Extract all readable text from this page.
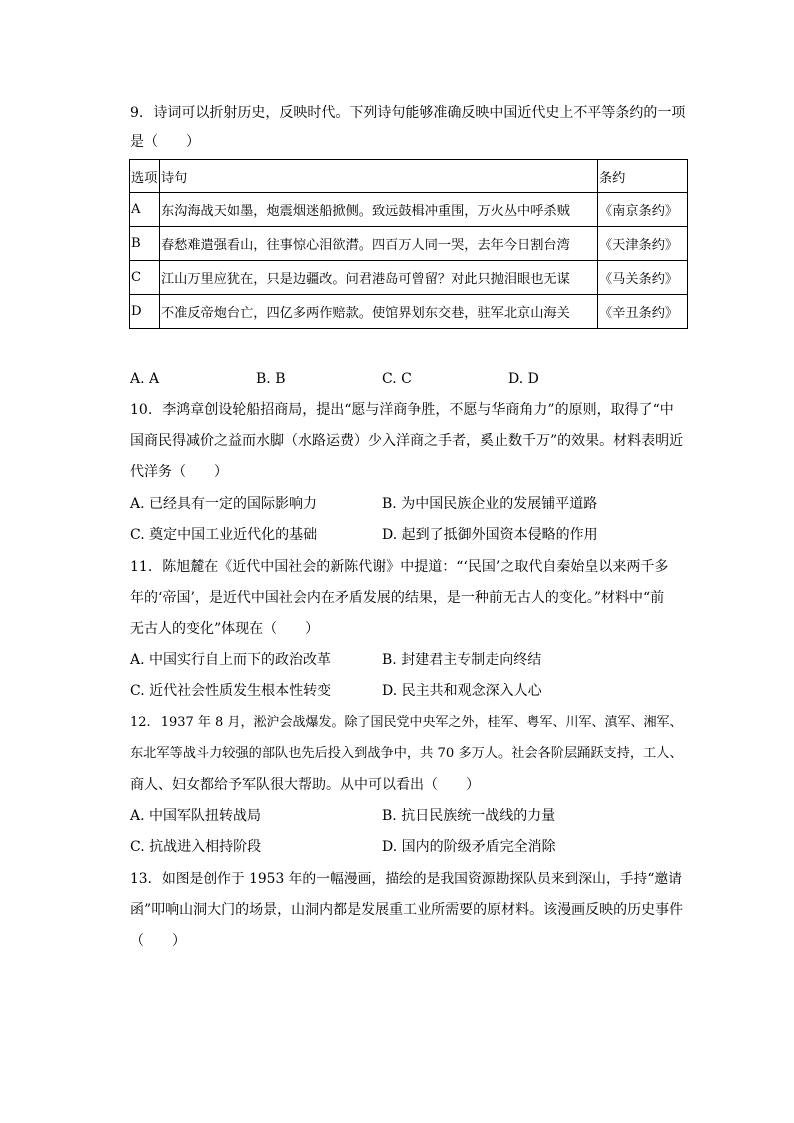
9. 诗词可以折射历史，反映时代。下列诗句能够准确反映中国近代史上不平等条约的一项
是（　　）
选项	诗句	条约
A	东沟海战天如墨，炮震烟迷船掀侧。致远鼓楫冲重围，万火丛中呼杀贼	《南京条约》
B	春愁难遣强看山，往事惊心泪欲潸。四百万人同一哭，去年今日割台湾	《天津条约》
C	江山万里应犹在，只是边疆改。问君港岛可曾留？对此只抛泪眼也无谋	《马关条约》
D	不准反帝炮台亡，四亿多两作赔款。使馆界划东交巷，驻军北京山海关	《辛丑条约》
A. A	B. B	C. C	D. D
10. 李鸿章创设轮船招商局，提出“愿与洋商争胜，不愿与华商角力”的原则，取得了“中
国商民得减价之益而水脚（水路运费）少入洋商之手者，奚止数千万”的效果。材料表明近
代洋务（　　）
A. 已经具有一定的国际影响力	B. 为中国民族企业的发展铺平道路
C. 奠定中国工业近代化的基础	D. 起到了抵御外国资本侵略的作用
11. 陈旭麓在《近代中国社会的新陈代谢》中提道：“‘民国’之取代自秦始皇以来两千多
年的‘帝国’，是近代中国社会内在矛盾发展的结果，是一种前无古人的变化。”材料中“前
无古人的变化”体现在（　　）
A. 中国实行自上而下的政治改革	B. 封建君主专制走向终结
C. 近代社会性质发生根本性转变	D. 民主共和观念深入人心
12. 1937 年 8 月，淞沪会战爆发。除了国民党中央军之外，桂军、粤军、川军、滇军、湘军、
东北军等战斗力较强的部队也先后投入到战争中，共 70 多万人。社会各阶层踊跃支持，工人、
商人、妇女都给予军队很大帮助。从中可以看出（　　）
A. 中国军队扭转战局	B. 抗日民族统一战线的力量
C. 抗战进入相持阶段	D. 国内的阶级矛盾完全消除
13. 如图是创作于 1953 年的一幅漫画，描绘的是我国资源勘探队员来到深山，手持“邀请
函”叩响山洞大门的场景，山洞内都是发展重工业所需要的原材料。该漫画反映的历史事件
（　　）
